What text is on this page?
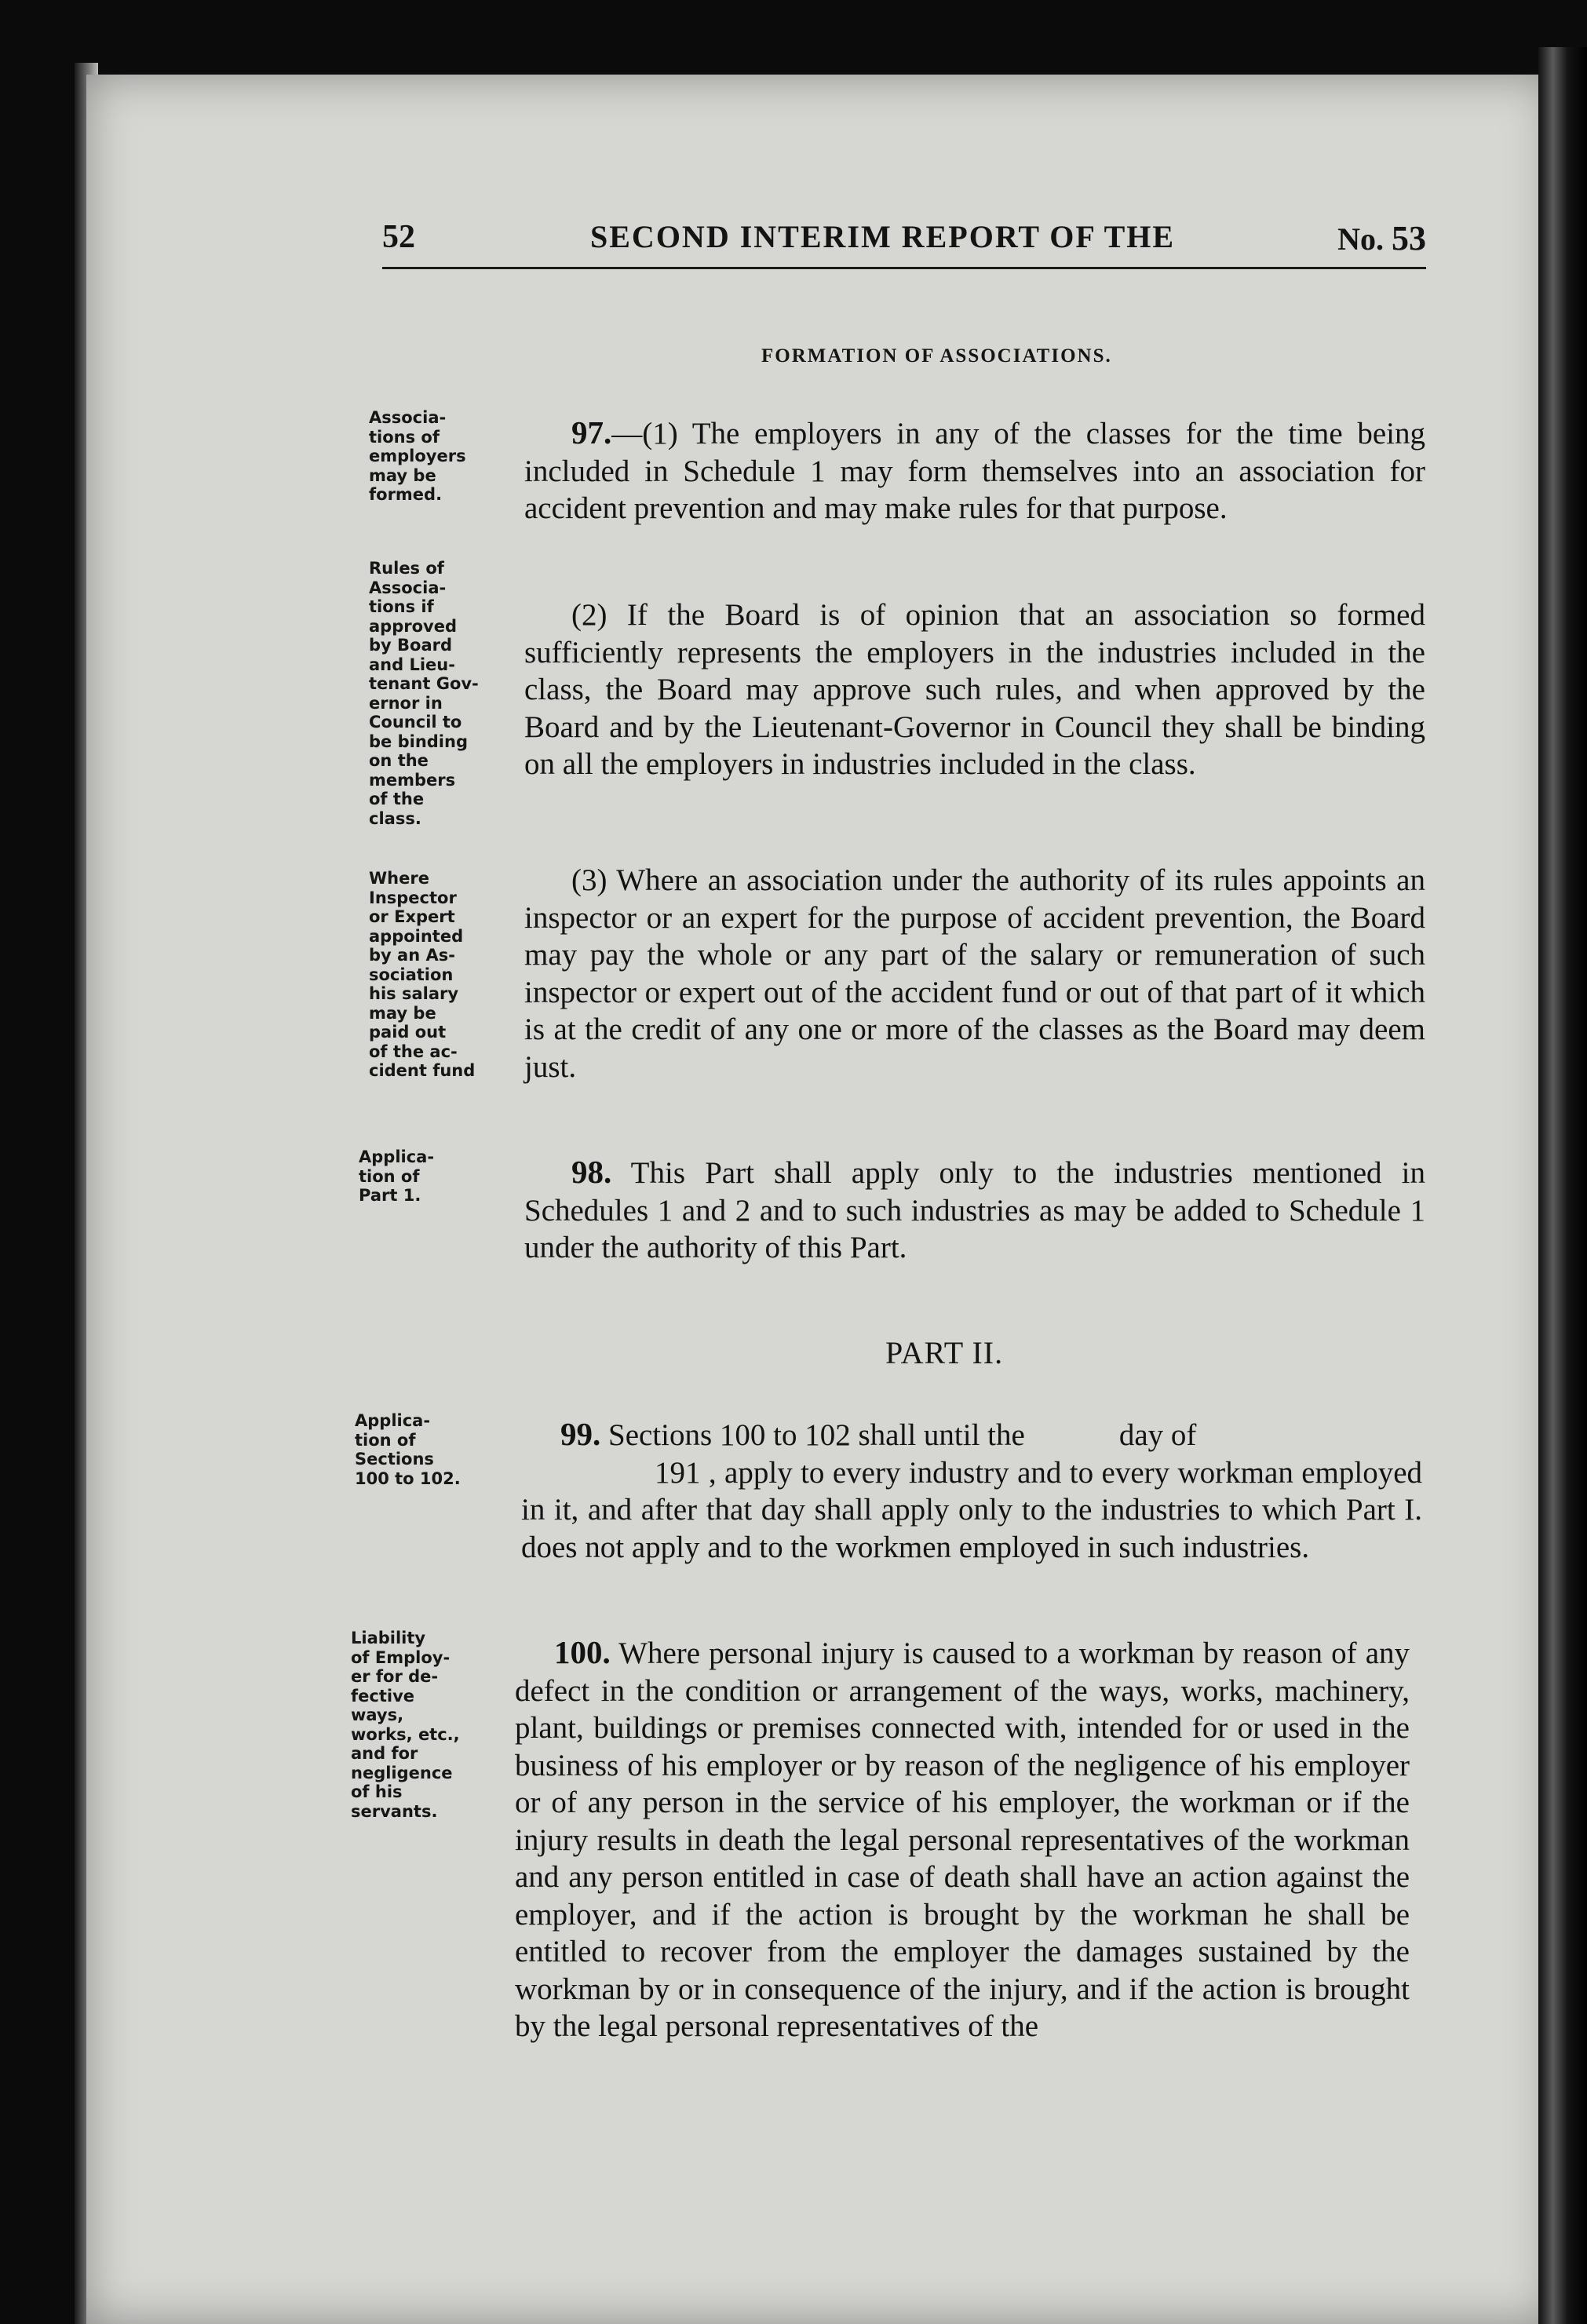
52	SECOND INTERIM REPORT OF THE	No. 53
FORMATION OF ASSOCIATIONS.
Associa-
tions of
employers
may be
formed.
Rules of
Associa-
tions if
approved
by Board
and Lieu-
tenant Gov-
ernor in
Council to
be binding
on the
members
of the
class.
Where
Inspector
or Expert
appointed
by an As-
sociation
his salary
may be
paid out
of the ac-
cident fund
Applica-
tion of
Part 1.
Applica-
tion of
Sections
100 to 102.
Liability
of Employ-
er for de-
fective
ways,
works, etc.,
and for
negligence
of his
servants.
97.—(1) The employers in any of the classes for the time being included in Schedule 1 may form themselves into an association for accident prevention and may make rules for that purpose.
(2) If the Board is of opinion that an association so formed sufficiently represents the employers in the industries included in the class, the Board may approve such rules, and when approved by the Board and by the Lieutenant-Governor in Council they shall be binding on all the employers in industries included in the class.
(3) Where an association under the authority of its rules appoints an inspector or an expert for the purpose of accident prevention, the Board may pay the whole or any part of the salary or remuneration of such inspector or expert out of the accident fund or out of that part of it which is at the credit of any one or more of the classes as the Board may deem just.
98. This Part shall apply only to the industries mentioned in Schedules 1 and 2 and to such industries as may be added to Schedule 1 under the authority of this Part.
PART II.
99. Sections 100 to 102 shall until the	day of
191 , apply to every industry and to every workman employed in it, and after that day shall apply only to the industries to which Part I. does not apply and to the workmen employed in such industries.
100. Where personal injury is caused to a workman by reason of any defect in the condition or arrangement of the ways, works, machinery, plant, buildings or premises connected with, intended for or used in the business of his employer or by reason of the negligence of his employer or of any person in the service of his employer, the workman or if the injury results in death the legal personal representatives of the workman and any person entitled in case of death shall have an action against the employer, and if the action is brought by the workman he shall be entitled to recover from the employer the damages sustained by the workman by or in consequence of the injury, and if the action is brought by the legal personal representatives of the
